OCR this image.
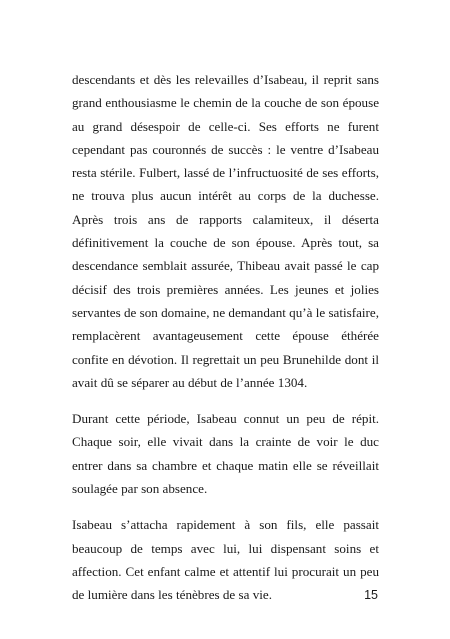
descendants et dès les relevailles d’Isabeau, il reprit sans grand enthousiasme le chemin de la couche de son épouse au grand désespoir de celle-ci. Ses efforts ne furent cependant pas couronnés de succès : le ventre d’Isabeau resta stérile. Fulbert, lassé de l’infructuosité de ses efforts, ne trouva plus aucun intérêt au corps de la duchesse. Après trois ans de rapports calamiteux, il déserta définitivement la couche de son épouse. Après tout, sa descendance semblait assurée, Thibeau avait passé le cap décisif des trois premières années. Les jeunes et jolies servantes de son domaine, ne demandant qu’à le satisfaire, remplacèrent avantageusement cette épouse éthérée confite en dévotion. Il regrettait un peu Brunehilde dont il avait dû se séparer au début de l’année 1304.

Durant cette période, Isabeau connut un peu de répit. Chaque soir, elle vivait dans la crainte de voir le duc entrer dans sa chambre et chaque matin elle se réveillait soulagée par son absence.

Isabeau s’attacha rapidement à son fils, elle passait beaucoup de temps avec lui, lui dispensant soins et affection. Cet enfant calme et attentif lui procurait un peu de lumière dans les ténèbres de sa vie.	15
